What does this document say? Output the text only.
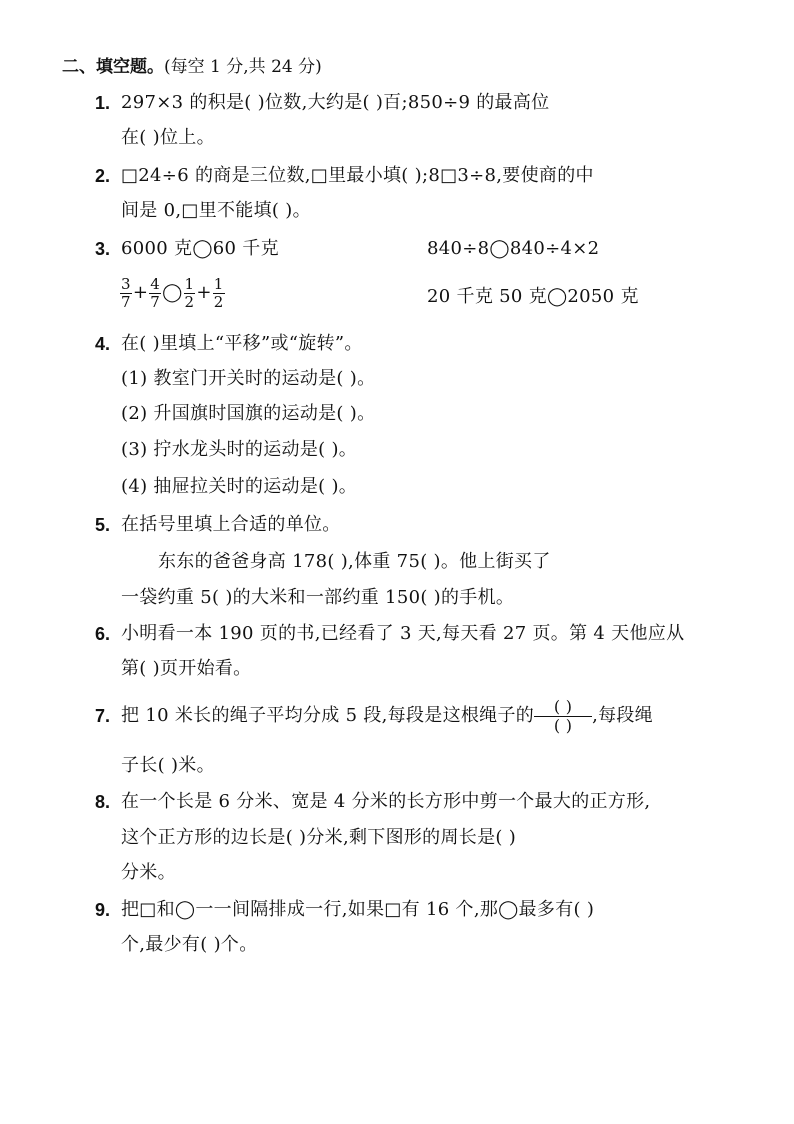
二、填空题。(每空 1 分,共 24 分)
1. 297×3 的积是( )位数,大约是( )百;850÷9 的最高位
在( )位上。
2. □24÷6 的商是三位数,□里最小填( );8□3÷8,要使商的中
间是 0,□里不能填( )。
3. 6000 克◯60 千克	840÷8◯840÷4×2
$\frac{3}{7} + \frac{4}{7}$ ◯ $\frac{1}{2} + \frac{1}{2}$	20 千克 50 克◯2050 克
4. 在( )里填上“平移”或“旋转”。
(1) 教室门开关时的运动是( )。
(2) 升国旗时国旗的运动是( )。
(3) 拧水龙头时的运动是( )。
(4) 抽屉拉关时的运动是( )。
5. 在括号里填上合适的单位。
东东的爸爸身高 178( ),体重 75( )。他上街买了
一袋约重 5( )的大米和一部约重 150( )的手机。
6. 小明看一本 190 页的书,已经看了 3 天,每天看 27 页。第 4 天他应从
第( )页开始看。
7. 把 10 米长的绳子平均分成 5 段,每段是这根绳子的	( )
( )	,每段绳
子长( )米。
8. 在一个长是 6 分米、宽是 4 分米的长方形中剪一个最大的正方形,
这个正方形的边长是( )分米,剩下图形的周长是( )
分米。
9. 把□和◯一一间隔排成一行,如果□有 16 个,那◯最多有( )
个,最少有( )个。
